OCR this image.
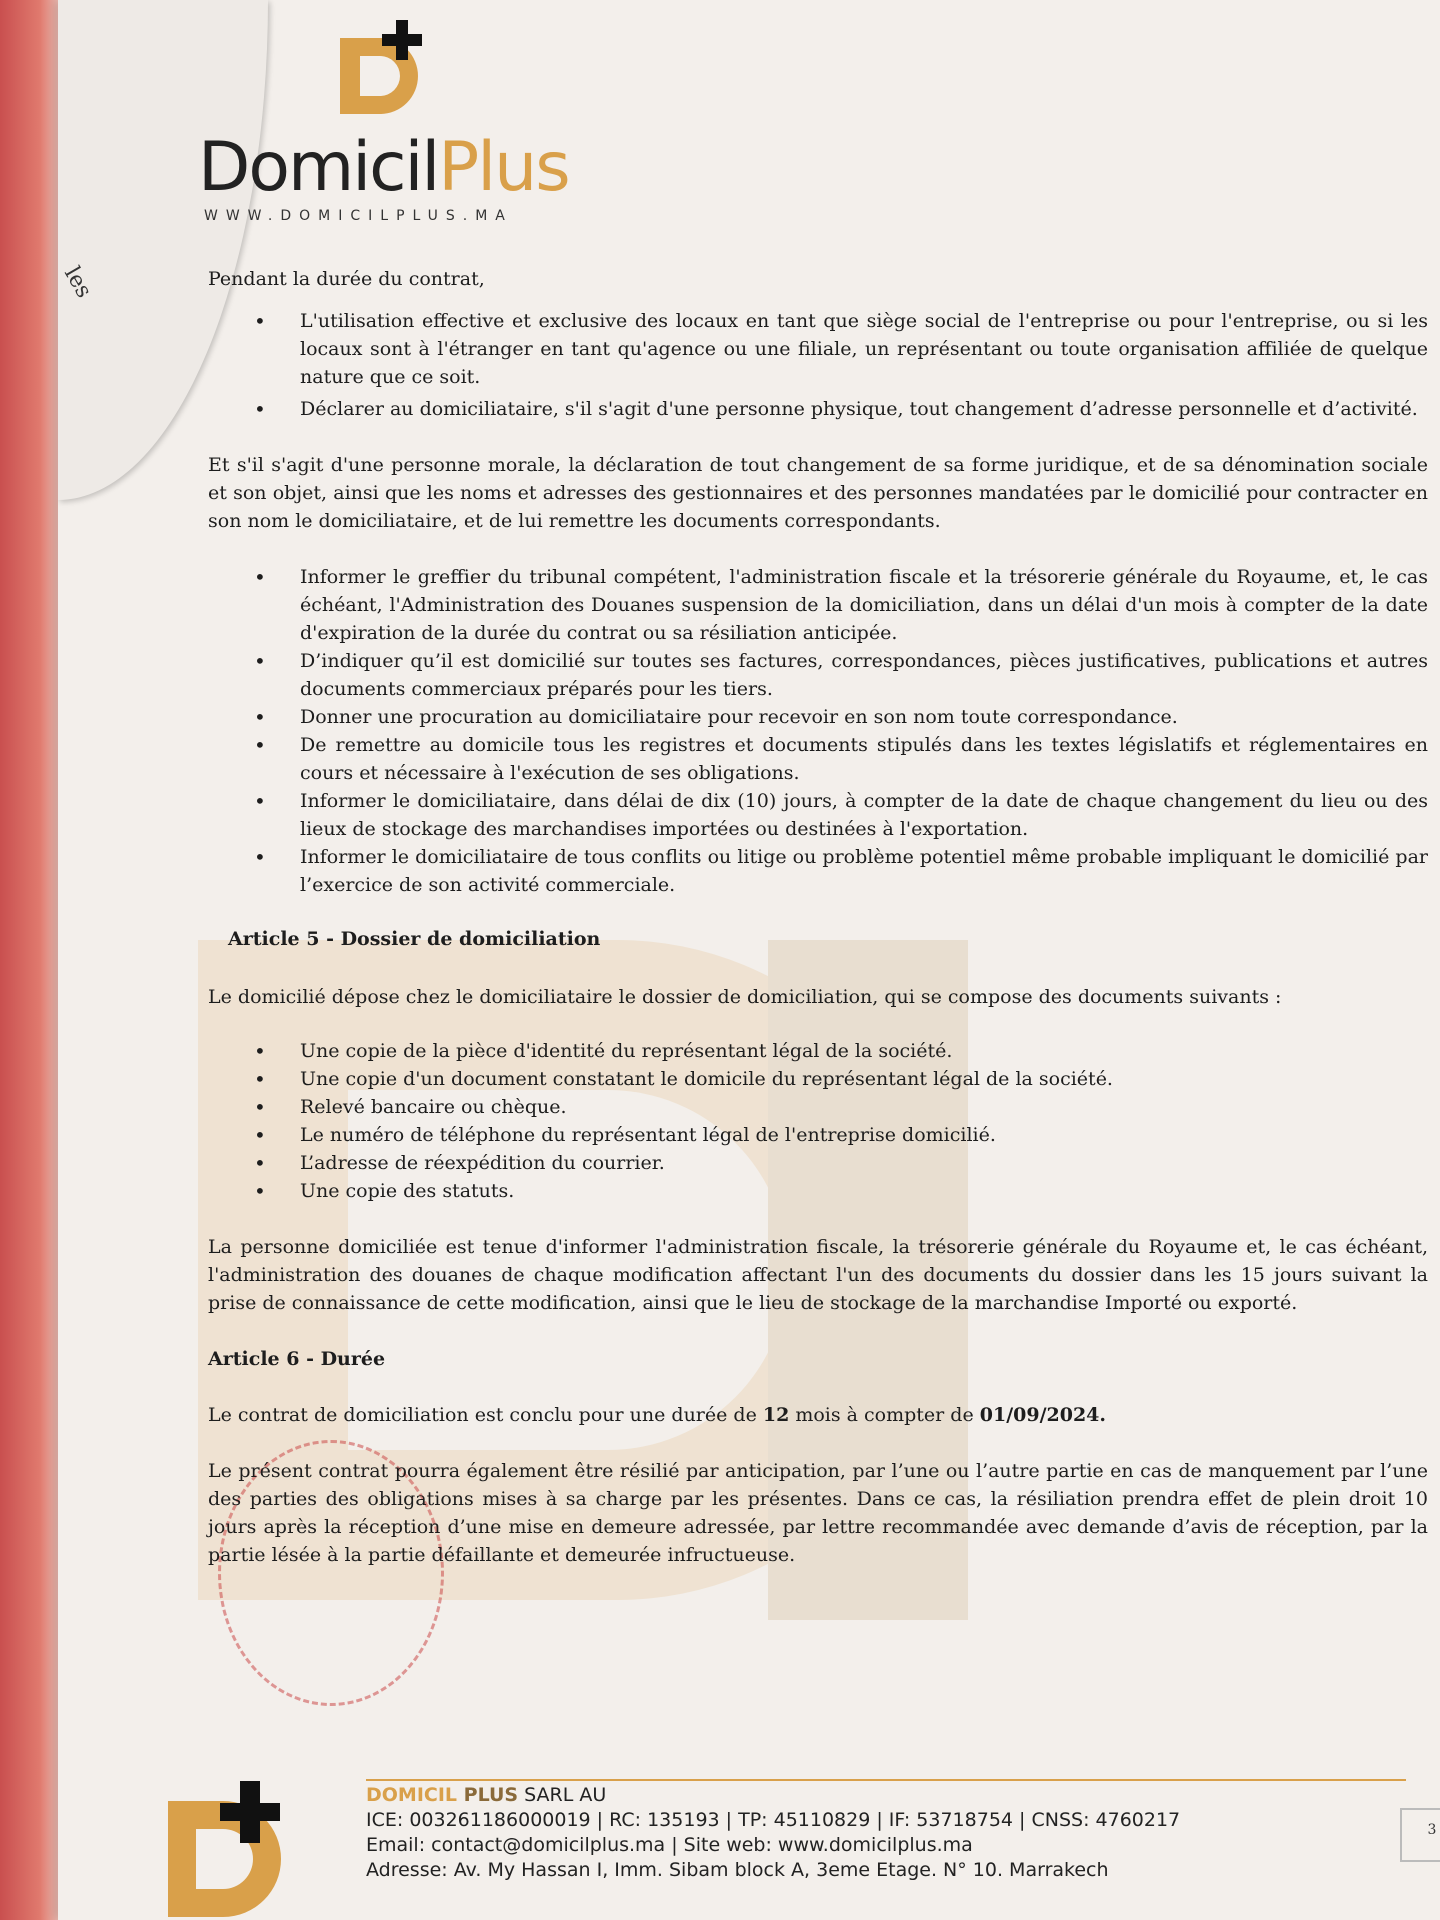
les
DomicilPlus
WWW.DOMICILPLUS.MA

Pendant la durée du contrat,

• L'utilisation effective et exclusive des locaux en tant que siège social de l'entreprise ou pour l'entreprise, ou si les locaux sont à l'étranger en tant qu'agence ou une filiale, un représentant ou toute organisation affiliée de quelque nature que ce soit.
• Déclarer au domiciliataire, s'il s'agit d'une personne physique, tout changement d’adresse personnelle et d’activité.

Et s'il s'agit d'une personne morale, la déclaration de tout changement de sa forme juridique, et de sa dénomination sociale et son objet, ainsi que les noms et adresses des gestionnaires et des personnes mandatées par le domicilié pour contracter en son nom le domiciliataire, et de lui remettre les documents correspondants.

• Informer le greffier du tribunal compétent, l'administration fiscale et la trésorerie générale du Royaume, et, le cas échéant, l'Administration des Douanes suspension de la domiciliation, dans un délai d'un mois à compter de la date d'expiration de la durée du contrat ou sa résiliation anticipée.
• D’indiquer qu’il est domicilié sur toutes ses factures, correspondances, pièces justificatives, publications et autres documents commerciaux préparés pour les tiers.
• Donner une procuration au domiciliataire pour recevoir en son nom toute correspondance.
• De remettre au domicile tous les registres et documents stipulés dans les textes législatifs et réglementaires en cours et nécessaire à l'exécution de ses obligations.
• Informer le domiciliataire, dans délai de dix (10) jours, à compter de la date de chaque changement du lieu ou des lieux de stockage des marchandises importées ou destinées à l'exportation.
• Informer le domiciliataire de tous conflits ou litige ou problème potentiel même probable impliquant le domicilié par l’exercice de son activité commerciale.

Article 5 - Dossier de domiciliation

Le domicilié dépose chez le domiciliataire le dossier de domiciliation, qui se compose des documents suivants :

• Une copie de la pièce d'identité du représentant légal de la société.
• Une copie d'un document constatant le domicile du représentant légal de la société.
• Relevé bancaire ou chèque.
• Le numéro de téléphone du représentant légal de l'entreprise domicilié.
• L’adresse de réexpédition du courrier.
• Une copie des statuts.

La personne domiciliée est tenue d'informer l'administration fiscale, la trésorerie générale du Royaume et, le cas échéant, l'administration des douanes de chaque modification affectant l'un des documents du dossier dans les 15 jours suivant la prise de connaissance de cette modification, ainsi que le lieu de stockage de la marchandise Importé ou exporté.

Article 6 - Durée

Le contrat de domiciliation est conclu pour une durée de 12 mois à compter de 01/09/2024.

Le présent contrat pourra également être résilié par anticipation, par l’une ou l’autre partie en cas de manquement par l’une des parties des obligations mises à sa charge par les présentes. Dans ce cas, la résiliation prendra effet de plein droit 10 jours après la réception d’une mise en demeure adressée, par lettre recommandée avec demande d’avis de réception, par la partie lésée à la partie défaillante et demeurée infructueuse.

DOMICIL PLUS SARL AU
ICE: 003261186000019 | RC: 135193 | TP: 45110829 | IF: 53718754 | CNSS: 4760217
Email: contact@domicilplus.ma | Site web: www.domicilplus.ma
Adresse: Av. My Hassan I, Imm. Sibam block A, 3eme Etage. N° 10. Marrakech
3
